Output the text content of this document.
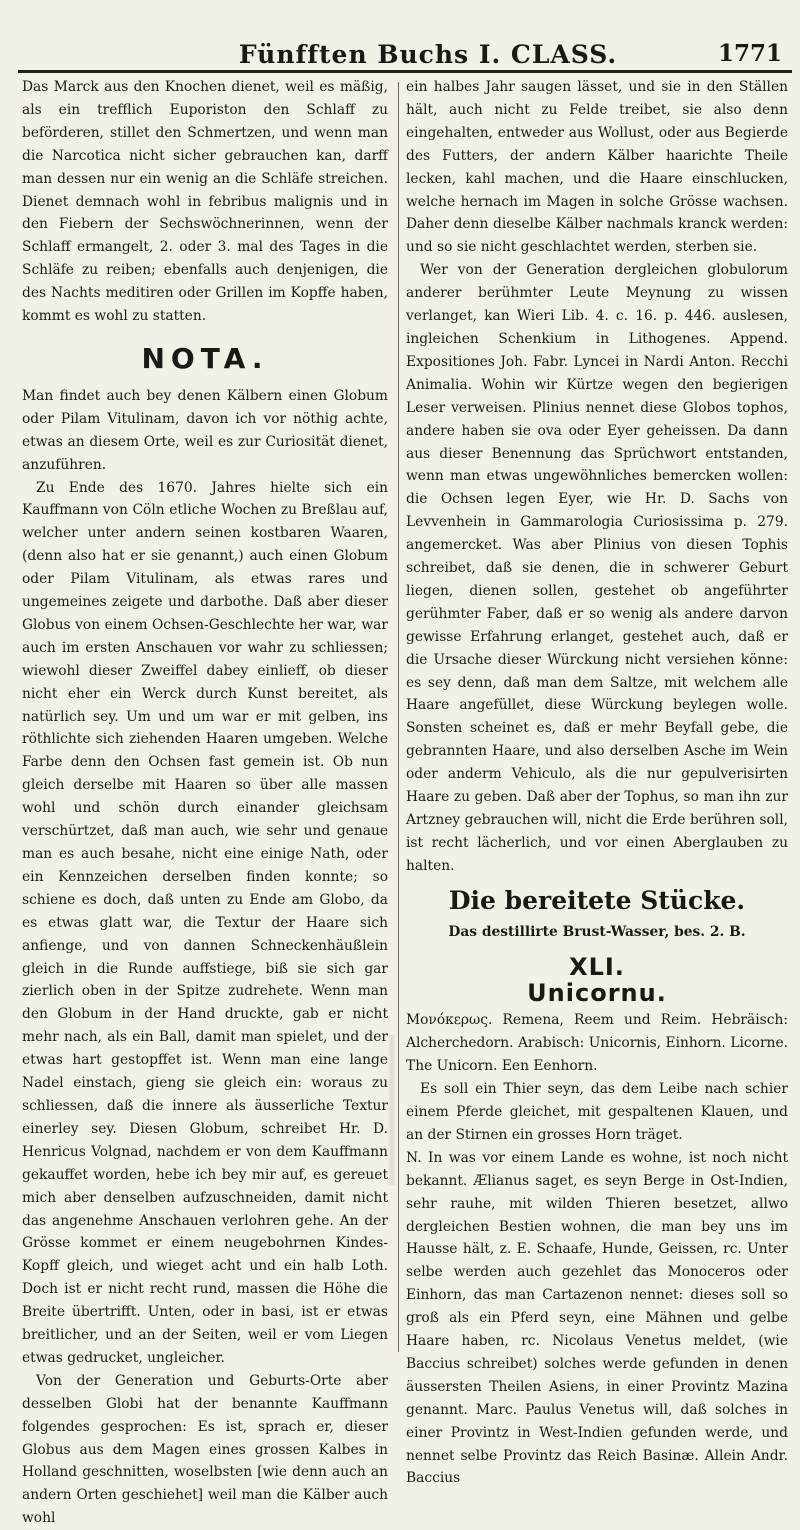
Fünfften Buchs I. CLASS.	1771

Das Marck aus den Knochen dienet, weil es mäßig, als ein trefflich Euporiston den Schlaff zu beförderen, stillet den Schmertzen, und wenn man die Narcotica nicht sicher gebrauchen kan, darff man dessen nur ein wenig an die Schläfe streichen. Dienet demnach wohl in febribus malignis und in den Fiebern der Sechswöchnerinnen, wenn der Schlaff ermangelt, 2. oder 3. mal des Tages in die Schläfe zu reiben; ebenfalls auch denjenigen, die des Nachts meditiren oder Grillen im Kopffe haben, kommt es wohl zu statten.

NOTA.

Man findet auch bey denen Kälbern einen Globum oder Pilam Vitulinam, davon ich vor nöthig achte, etwas an diesem Orte, weil es zur Curiosität dienet, anzuführen.

Zu Ende des 1670. Jahres hielte sich ein Kauffmann von Cöln etliche Wochen zu Breßlau auf, welcher unter andern seinen kostbaren Waaren, (denn also hat er sie genannt,) auch einen Globum oder Pilam Vitulinam, als etwas rares und ungemeines zeigete und darbothe. Daß aber dieser Globus von einem Ochsen-Geschlechte her war, war auch im ersten Anschauen vor wahr zu schliessen; wiewohl dieser Zweiffel dabey einlieff, ob dieser nicht eher ein Werck durch Kunst bereitet, als natürlich sey. Um und um war er mit gelben, ins röthlichte sich ziehenden Haaren umgeben. Welche Farbe denn den Ochsen fast gemein ist. Ob nun gleich derselbe mit Haaren so über alle massen wohl und schön durch einander gleichsam verschürtzet, daß man auch, wie sehr und genaue man es auch besahe, nicht eine einige Nath, oder ein Kennzeichen derselben finden konnte; so schiene es doch, daß unten zu Ende am Globo, da es etwas glatt war, die Textur der Haare sich anfienge, und von dannen Schneckenhäußlein gleich in die Runde auffstiege, biß sie sich gar zierlich oben in der Spitze zudrehete. Wenn man den Globum in der Hand druckte, gab er nicht mehr nach, als ein Ball, damit man spielet, und der etwas hart gestopffet ist. Wenn man eine lange Nadel einstach, gieng sie gleich ein: woraus zu schliessen, daß die innere als äusserliche Textur einerley sey. Diesen Globum, schreibet Hr. D. Henricus Volgnad, nachdem er von dem Kauffmann gekauffet worden, hebe ich bey mir auf, es gereuet mich aber denselben aufzuschneiden, damit nicht das angenehme Anschauen verlohren gehe. An der Grösse kommet er einem neugebohrnen Kindes-Kopff gleich, und wieget acht und ein halb Loth. Doch ist er nicht recht rund, massen die Höhe die Breite übertrifft. Unten, oder in basi, ist er etwas breitlicher, und an der Seiten, weil er vom Liegen etwas gedrucket, ungleicher.

Von der Generation und Geburts-Orte aber desselben Globi hat der benannte Kauffmann folgendes gesprochen: Es ist, sprach er, dieser Globus aus dem Magen eines grossen Kalbes in Holland geschnitten, woselbsten [wie denn auch an andern Orten geschiehet] weil man die Kälber auch wohl

ein halbes Jahr saugen lässet, und sie in den Ställen hält, auch nicht zu Felde treibet, sie also denn eingehalten, entweder aus Wollust, oder aus Begierde des Futters, der andern Kälber haarichte Theile lecken, kahl machen, und die Haare einschlucken, welche hernach im Magen in solche Grösse wachsen. Daher denn dieselbe Kälber nachmals kranck werden: und so sie nicht geschlachtet werden, sterben sie.

Wer von der Generation dergleichen globulorum anderer berühmter Leute Meynung zu wissen verlanget, kan Wieri Lib. 4. c. 16. p. 446. auslesen, ingleichen Schenkium in Lithogenes. Append. Expositiones Joh. Fabr. Lyncei in Nardi Anton. Recchi Animalia. Wohin wir Kürtze wegen den begierigen Leser verweisen. Plinius nennet diese Globos tophos, andere haben sie ova oder Eyer geheissen. Da dann aus dieser Benennung das Sprüchwort entstanden, wenn man etwas ungewöhnliches bemercken wollen: die Ochsen legen Eyer, wie Hr. D. Sachs von Levvenhein in Gammarologia Curiosissima p. 279. angemercket. Was aber Plinius von diesen Tophis schreibet, daß sie denen, die in schwerer Geburt liegen, dienen sollen, gestehet ob angeführter gerühmter Faber, daß er so wenig als andere darvon gewisse Erfahrung erlanget, gestehet auch, daß er die Ursache dieser Würckung nicht versiehen könne: es sey denn, daß man dem Saltze, mit welchem alle Haare angefüllet, diese Würckung beylegen wolle. Sonsten scheinet es, daß er mehr Beyfall gebe, die gebrannten Haare, und also derselben Asche im Wein oder anderm Vehiculo, als die nur gepulverisirten Haare zu geben. Daß aber der Tophus, so man ihn zur Artzney gebrauchen will, nicht die Erde berühren soll, ist recht lächerlich, und vor einen Aberglauben zu halten.

Die bereitete Stücke.

Das destillirte Brust-Wasser, bes. 2. B.

XLI.

Unicornu.

Μονόκερως. Remena, Reem und Reim. Hebräisch: Alcherchedorn. Arabisch: Unicornis, Einhorn. Licorne. The Unicorn. Een Eenhorn.

Es soll ein Thier seyn, das dem Leibe nach schier einem Pferde gleichet, mit gespaltenen Klauen, und an der Stirnen ein grosses Horn träget.

N. In was vor einem Lande es wohne, ist noch nicht bekannt. Ælianus saget, es seyn Berge in Ost-Indien, sehr rauhe, mit wilden Thieren besetzet, allwo dergleichen Bestien wohnen, die man bey uns im Hausse hält, z. E. Schaafe, Hunde, Geissen, rc. Unter selbe werden auch gezehlet das Monoceros oder Einhorn, das man Cartazenon nennet: dieses soll so groß als ein Pferd seyn, eine Mähnen und gelbe Haare haben, rc. Nicolaus Venetus meldet, (wie Baccius schreibet) solches werde gefunden in denen äussersten Theilen Asiens, in einer Provintz Mazina genannt. Marc. Paulus Venetus will, daß solches in einer Provintz in West-Indien gefunden werde, und nennet selbe Provintz das Reich Basinæ. Allein Andr. Baccius
